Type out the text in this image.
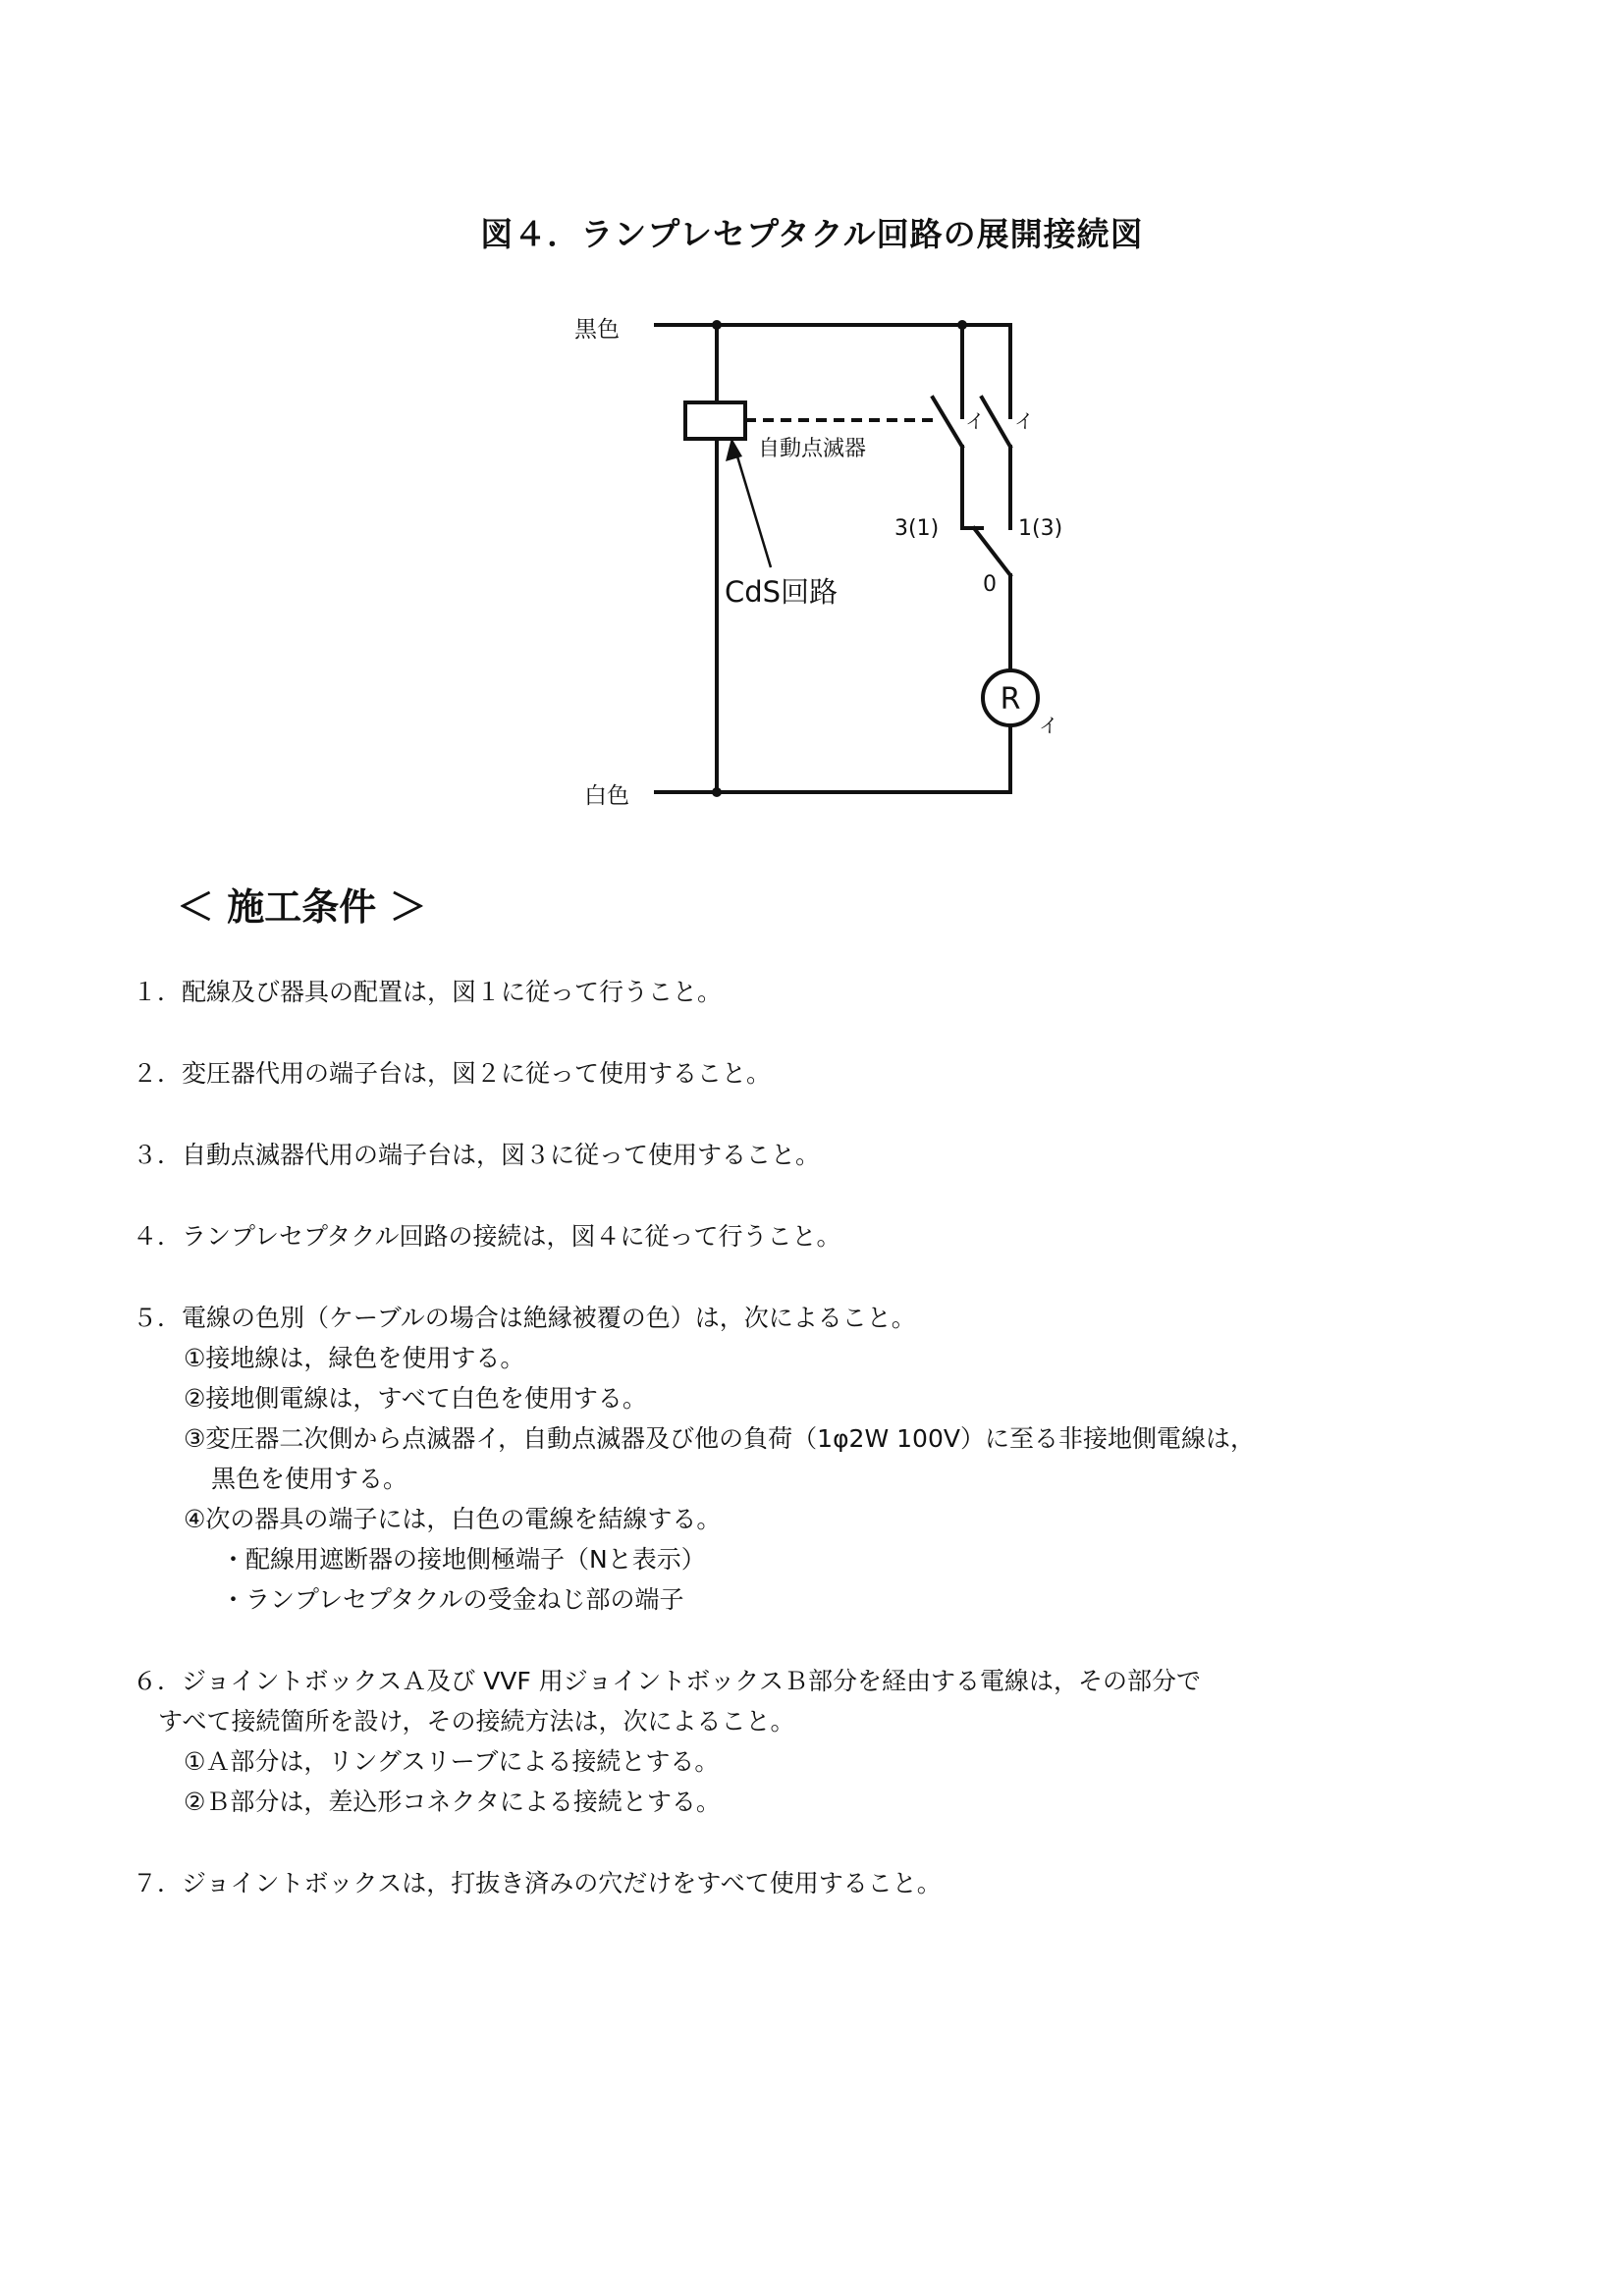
図４．ランプレセプタクル回路の展開接続図
黒色
白色
自動点滅器
CdS回路
イ イ
3(1)	1(3)
0
R
イ
＜ 施工条件 ＞
１．配線及び器具の配置は，図１に従って行うこと。
２．変圧器代用の端子台は，図２に従って使用すること。
３．自動点滅器代用の端子台は，図３に従って使用すること。
４．ランプレセプタクル回路の接続は，図４に従って行うこと。
５．電線の色別（ケーブルの場合は絶縁被覆の色）は，次によること。
①接地線は，緑色を使用する。
②接地側電線は，すべて白色を使用する。
③変圧器二次側から点滅器イ，自動点滅器及び他の負荷（1φ2W 100V）に至る非接地側電線は，
黒色を使用する。
④次の器具の端子には，白色の電線を結線する。
・配線用遮断器の接地側極端子（Nと表示）
・ランプレセプタクルの受金ねじ部の端子
６．ジョイントボックスＡ及び VVF 用ジョイントボックスＢ部分を経由する電線は，その部分で
すべて接続箇所を設け，その接続方法は，次によること。
①Ａ部分は，リングスリーブによる接続とする。
②Ｂ部分は，差込形コネクタによる接続とする。
７．ジョイントボックスは，打抜き済みの穴だけをすべて使用すること。
